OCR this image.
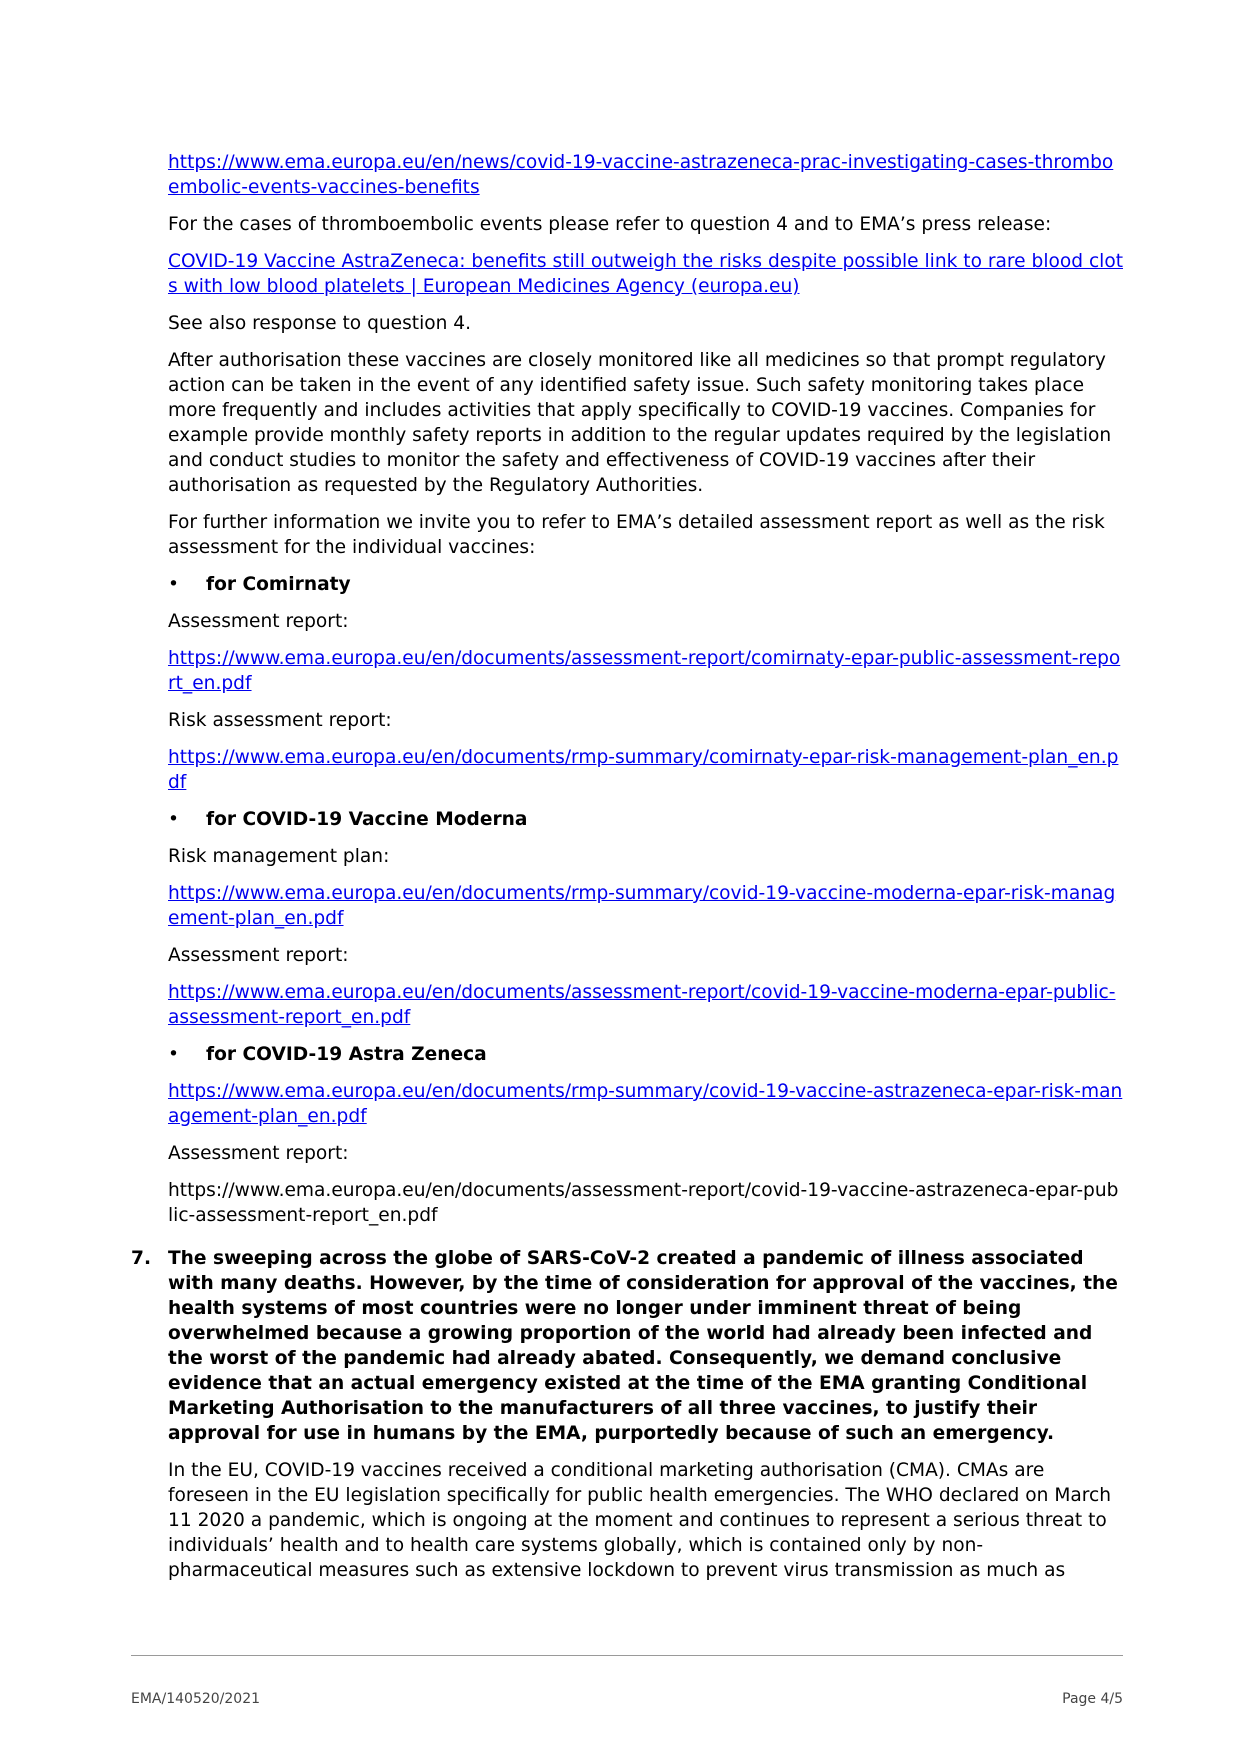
https://www.ema.europa.eu/en/news/covid-19-vaccine-astrazeneca-prac-investigating-cases-thromboembolic-events-vaccines-benefits

For the cases of thromboembolic events please refer to question 4 and to EMA’s press release:

COVID-19 Vaccine AstraZeneca: benefits still outweigh the risks despite possible link to rare blood clots with low blood platelets | European Medicines Agency (europa.eu)

See also response to question 4.

After authorisation these vaccines are closely monitored like all medicines so that prompt regulatory action can be taken in the event of any identified safety issue. Such safety monitoring takes place more frequently and includes activities that apply specifically to COVID-19 vaccines. Companies for example provide monthly safety reports in addition to the regular updates required by the legislation and conduct studies to monitor the safety and effectiveness of COVID-19 vaccines after their authorisation as requested by the Regulatory Authorities.

For further information we invite you to refer to EMA’s detailed assessment report as well as the risk assessment for the individual vaccines:

• for Comirnaty

Assessment report:

https://www.ema.europa.eu/en/documents/assessment-report/comirnaty-epar-public-assessment-report_en.pdf

Risk assessment report:

https://www.ema.europa.eu/en/documents/rmp-summary/comirnaty-epar-risk-management-plan_en.pdf
• for COVID-19 Vaccine Moderna

Risk management plan:

https://www.ema.europa.eu/en/documents/rmp-summary/covid-19-vaccine-moderna-epar-risk-management-plan_en.pdf

Assessment report:

https://www.ema.europa.eu/en/documents/assessment-report/covid-19-vaccine-moderna-epar-public-assessment-report_en.pdf
• for COVID-19 Astra Zeneca
https://www.ema.europa.eu/en/documents/rmp-summary/covid-19-vaccine-astrazeneca-epar-risk-management-plan_en.pdf

Assessment report:

https://www.ema.europa.eu/en/documents/assessment-report/covid-19-vaccine-astrazeneca-epar-public-assessment-report_en.pdf

7. The sweeping across the globe of SARS-CoV-2 created a pandemic of illness associated with many deaths. However, by the time of consideration for approval of the vaccines, the health systems of most countries were no longer under imminent threat of being overwhelmed because a growing proportion of the world had already been infected and the worst of the pandemic had already abated. Consequently, we demand conclusive evidence that an actual emergency existed at the time of the EMA granting Conditional Marketing Authorisation to the manufacturers of all three vaccines, to justify their approval for use in humans by the EMA, purportedly because of such an emergency.

In the EU, COVID-19 vaccines received a conditional marketing authorisation (CMA). CMAs are foreseen in the EU legislation specifically for public health emergencies. The WHO declared on March 11 2020 a pandemic, which is ongoing at the moment and continues to represent a serious threat to individuals’ health and to health care systems globally, which is contained only by non-pharmaceutical measures such as extensive lockdown to prevent virus transmission as much as

EMA/140520/2021	Page 4/5
